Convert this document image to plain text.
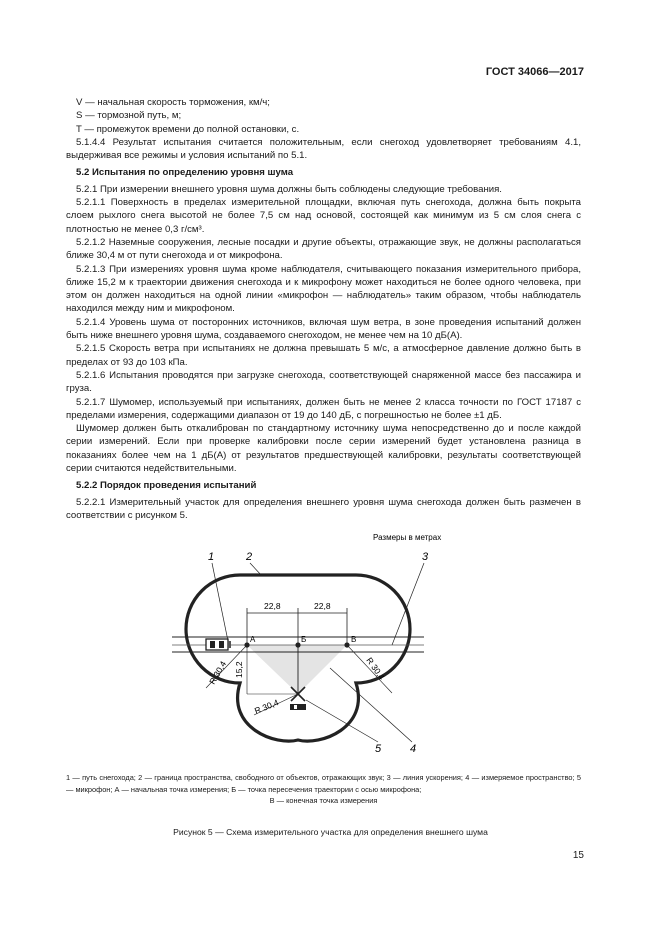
ГОСТ 34066—2017

V — начальная скорость торможения, км/ч;

S — тормозной путь, м;

T — промежуток времени до полной остановки, с.

5.1.4.4 Результат испытания считается положительным, если снегоход удовлетворяет требованиям 4.1, выдерживая все режимы и условия испытаний по 5.1.

5.2 Испытания по определению уровня шума

5.2.1 При измерении внешнего уровня шума должны быть соблюдены следующие требования.

5.2.1.1 Поверхность в пределах измерительной площадки, включая путь снегохода, должна быть покрыта слоем рыхлого снега высотой не более 7,5 см над основой, состоящей как минимум из 5 см слоя снега с плотностью не менее 0,3 г/см³.

5.2.1.2 Наземные сооружения, лесные посадки и другие объекты, отражающие звук, не должны располагаться ближе 30,4 м от пути снегохода и от микрофона.

5.2.1.3 При измерениях уровня шума кроме наблюдателя, считывающего показания измерительного прибора, ближе 15,2 м к траектории движения снегохода и к микрофону может находиться не более одного человека, при этом он должен находиться на одной линии «микрофон — наблюдатель» таким образом, чтобы наблюдатель находился между ним и микрофоном.

5.2.1.4 Уровень шума от посторонних источников, включая шум ветра, в зоне проведения испытаний должен быть ниже внешнего уровня шума, создаваемого снегоходом, не менее чем на 10 дБ(А).

5.2.1.5 Скорость ветра при испытаниях не должна превышать 5 м/с, а атмосферное давление должно быть в пределах от 93 до 103 кПа.

5.2.1.6 Испытания проводятся при загрузке снегохода, соответствующей снаряженной массе без пассажира и груза.

5.2.1.7 Шумомер, используемый при испытаниях, должен быть не менее 2 класса точности по ГОСТ 17187 с пределами измерения, содержащими диапазон от 19 до 140 дБ, с погрешностью не более ±1 дБ.

Шумомер должен быть откалиброван по стандартному источнику шума непосредственно до и после каждой серии измерений. Если при проверке калибровки после серии измерений будет установлена разница в показаниях более чем на 1 дБ(А) от результатов предшествующей калибровки, результаты соответствующей серии считаются недействительными.

5.2.2 Порядок проведения испытаний

5.2.2.1 Измерительный участок для определения внешнего уровня шума снегохода должен быть размечен в соответствии с рисунком 5.

Размеры в метрах
22,8	22,8
А	Б	В
15,2
R 30,4	R 30,4
R 30,4
1	2	3
4
5
1 — путь снегохода; 2 — граница пространства, свободного от объектов, отражающих звук; 3 — линия ускорения; 4 — измеряемое пространство; 5 — микрофон; А — начальная точка измерения; Б — точка пересечения траектории с осью микрофона;
В — конечная точка измерения
Рисунок 5 — Схема измерительного участка для определения внешнего шума
15
